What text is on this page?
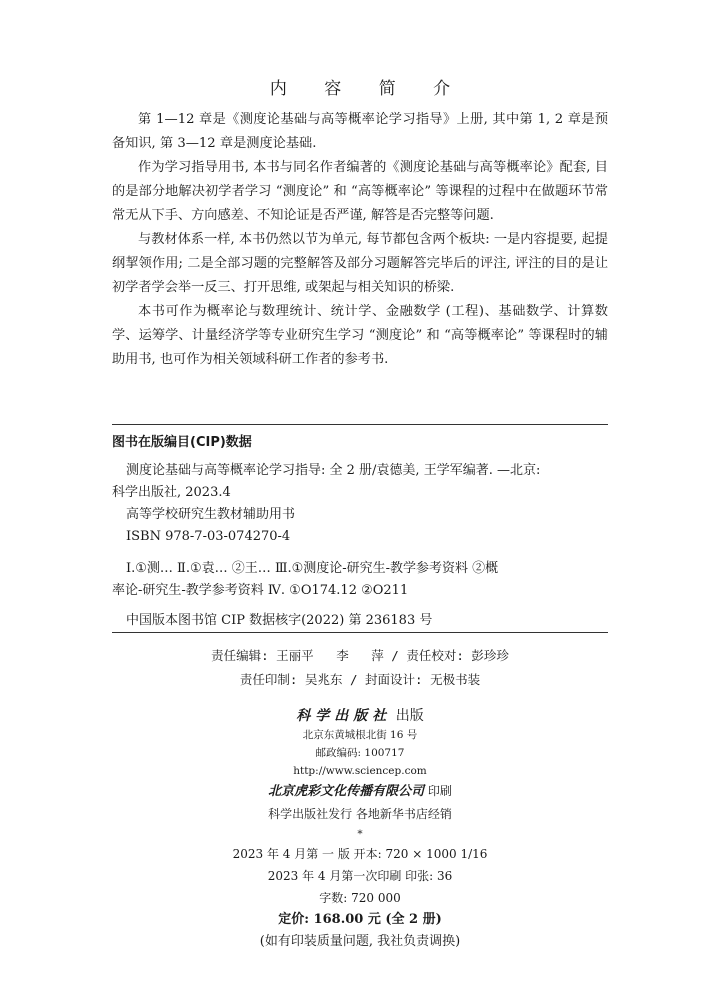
内 容 简 介

第 1—12 章是《测度论基础与高等概率论学习指导》上册, 其中第 1, 2 章是预备知识, 第 3—12 章是测度论基础.

作为学习指导用书, 本书与同名作者编著的《测度论基础与高等概率论》配套, 目的是部分地解决初学者学习 “测度论” 和 “高等概率论” 等课程的过程中在做题环节常常无从下手、方向感差、不知论证是否严谨, 解答是否完整等问题.

与教材体系一样, 本书仍然以节为单元, 每节都包含两个板块: 一是内容提要, 起提纲挈领作用; 二是全部习题的完整解答及部分习题解答完毕后的评注, 评注的目的是让初学者学会举一反三、打开思维, 或架起与相关知识的桥梁.

本书可作为概率论与数理统计、统计学、金融数学 (工程)、基础数学、计算数学、运筹学、计量经济学等专业研究生学习 “测度论” 和 “高等概率论” 等课程时的辅助用书, 也可作为相关领域科研工作者的参考书.

图书在版编目(CIP)数据

测度论基础与高等概率论学习指导: 全 2 册/袁德美, 王学军编著. —北京:

科学出版社, 2023.4

高等学校研究生教材辅助用书

ISBN 978-7-03-074270-4

Ⅰ.①测… Ⅱ.①袁… ②王… Ⅲ.①测度论-研究生-教学参考资料 ②概

率论-研究生-教学参考资料 Ⅳ. ①O174.12 ②O211

中国版本图书馆 CIP 数据核字(2022) 第 236183 号

责任编辑: 王丽平   李   萍 / 责任校对: 彭珍珍
责任印制: 吴兆东 / 封面设计: 无极书装
科学出版社 出版
北京东黄城根北街 16 号
邮政编码: 100717
http://www.sciencep.com
北京虎彩文化传播有限公司 印刷
科学出版社发行 各地新华书店经销
*
2023 年 4 月第 一 版 开本: 720 × 1000 1/16
2023 年 4 月第一次印刷 印张: 36
字数: 720 000
定价: 168.00 元 (全 2 册)
(如有印装质量问题, 我社负责调换)
